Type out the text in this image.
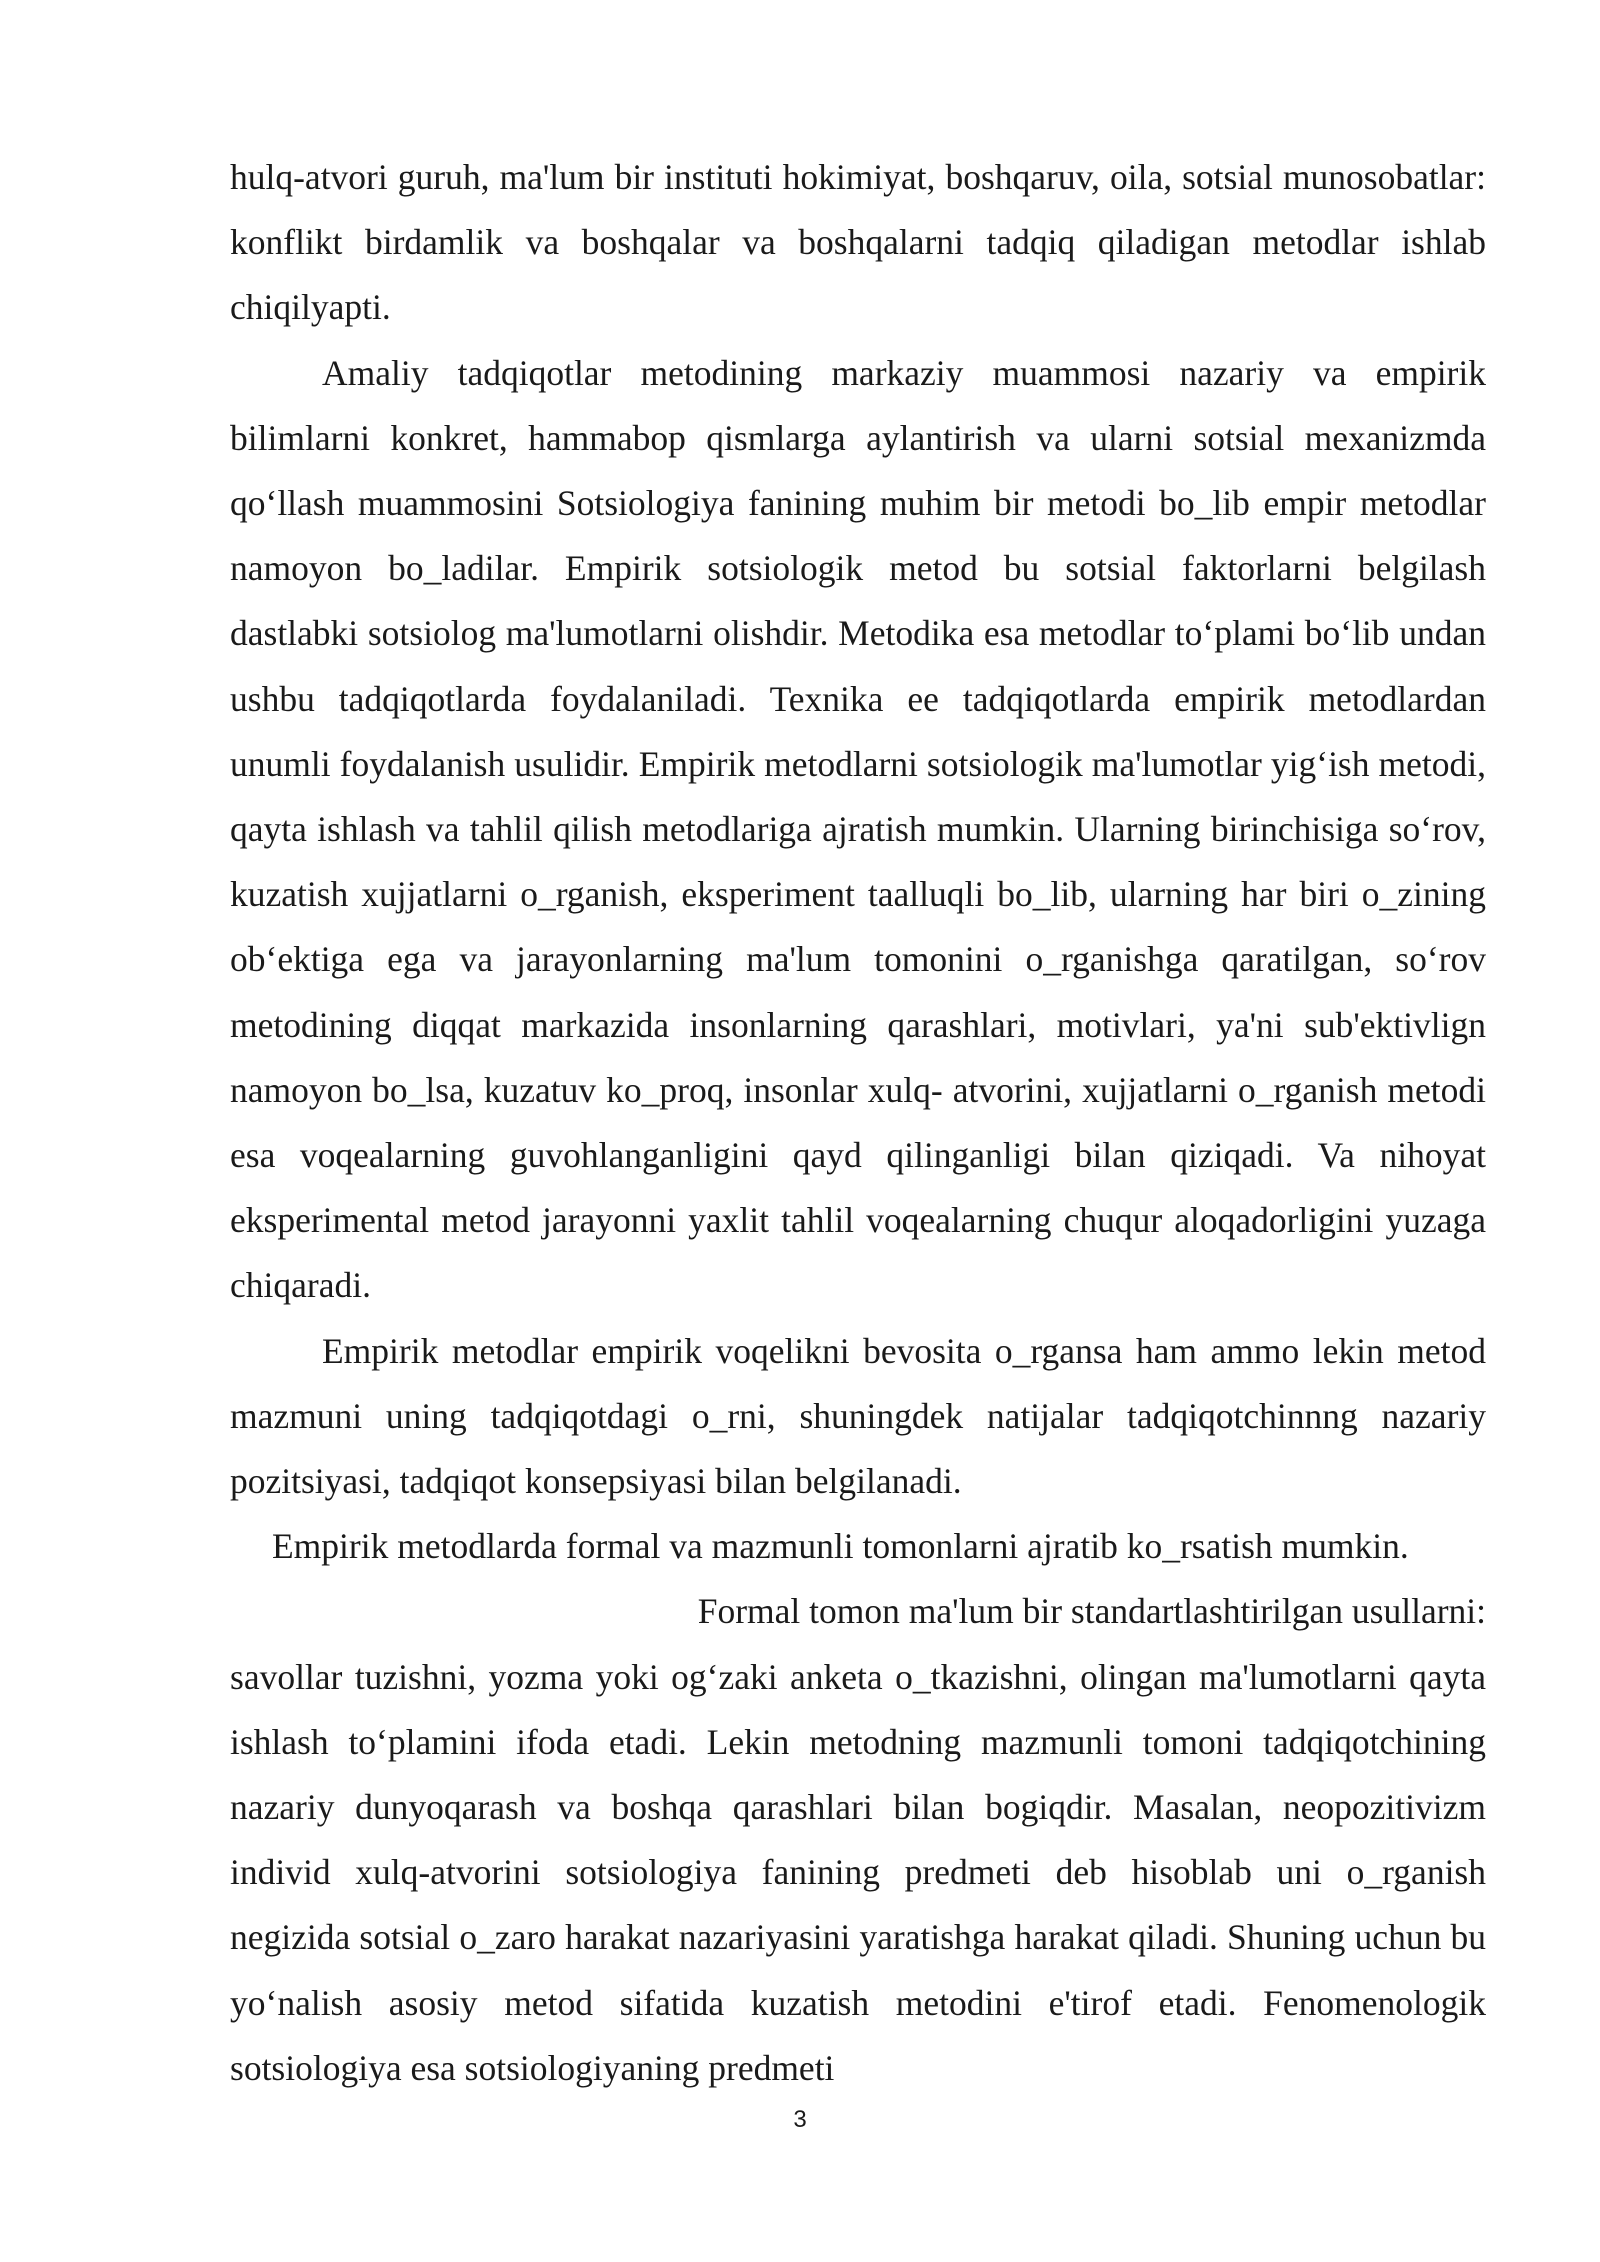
hulq-atvori guruh, ma'lum bir instituti hokimiyat, boshqaruv, oila, sotsial munosobatlar: konflikt birdamlik va boshqalar va boshqalarni tadqiq qiladigan metodlar ishlab chiqilyapti.

Amaliy tadqiqotlar metodining markaziy muammosi nazariy va empirik bilimlarni konkret, hammabop qismlarga aylantirish va ularni sotsial mexanizmda qo‘llash muammosini Sotsiologiya fanining muhim bir metodi bo_lib empir metodlar namoyon bo_ladilar. Empirik sotsiologik metod bu sotsial faktorlarni belgilash dastlabki sotsiolog ma'lumotlarni olishdir. Metodika esa metodlar to‘plami bo‘lib undan ushbu tadqiqotlarda foydalaniladi. Texnika ee tadqiqotlarda empirik metodlardan unumli foydalanish usulidir. Empirik metodlarni sotsiologik ma'lumotlar yig‘ish metodi, qayta ishlash va tahlil qilish metodlariga ajratish mumkin. Ularning birinchisiga so‘rov, kuzatish xujjatlarni o_rganish, eksperiment taalluqli bo_lib, ularning har biri o_zining ob‘ektiga ega va jarayonlarning ma'lum tomonini o_rganishga qaratilgan, so‘rov metodining diqqat markazida insonlarning qarashlari, motivlari, ya'ni sub'ektivlign namoyon bo_lsa, kuzatuv ko_proq, insonlar xulq- atvorini, xujjatlarni o_rganish metodi esa voqealarning guvohlanganligini qayd qilinganligi bilan qiziqadi. Va nihoyat eksperimental metod jarayonni yaxlit tahlil voqealarning chuqur aloqadorligini yuzaga chiqaradi.

Empirik metodlar empirik voqelikni bevosita o_rgansa ham ammo lekin metod mazmuni uning tadqiqotdagi o_rni, shuningdek natijalar tadqiqotchinnng nazariy pozitsiyasi, tadqiqot konsepsiyasi bilan belgilanadi.

Empirik metodlarda formal va mazmunli tomonlarni ajratib ko_rsatish mumkin.

Formal tomon ma'lum bir standartlashtirilgan usullarni:

savollar tuzishni, yozma yoki og‘zaki anketa o_tkazishni, olingan ma'lumotlarni qayta ishlash to‘plamini ifoda etadi. Lekin metodning mazmunli tomoni tadqiqotchining nazariy dunyoqarash va boshqa qarashlari bilan bogiqdir. Masalan, neopozitivizm individ xulq-atvorini sotsiologiya fanining predmeti deb hisoblab uni o_rganish negizida sotsial o_zaro harakat nazariyasini yaratishga harakat qiladi. Shuning uchun bu yo‘nalish asosiy metod sifatida kuzatish metodini e'tirof etadi. Fenomenologik sotsiologiya esa sotsiologiyaning predmeti

3
